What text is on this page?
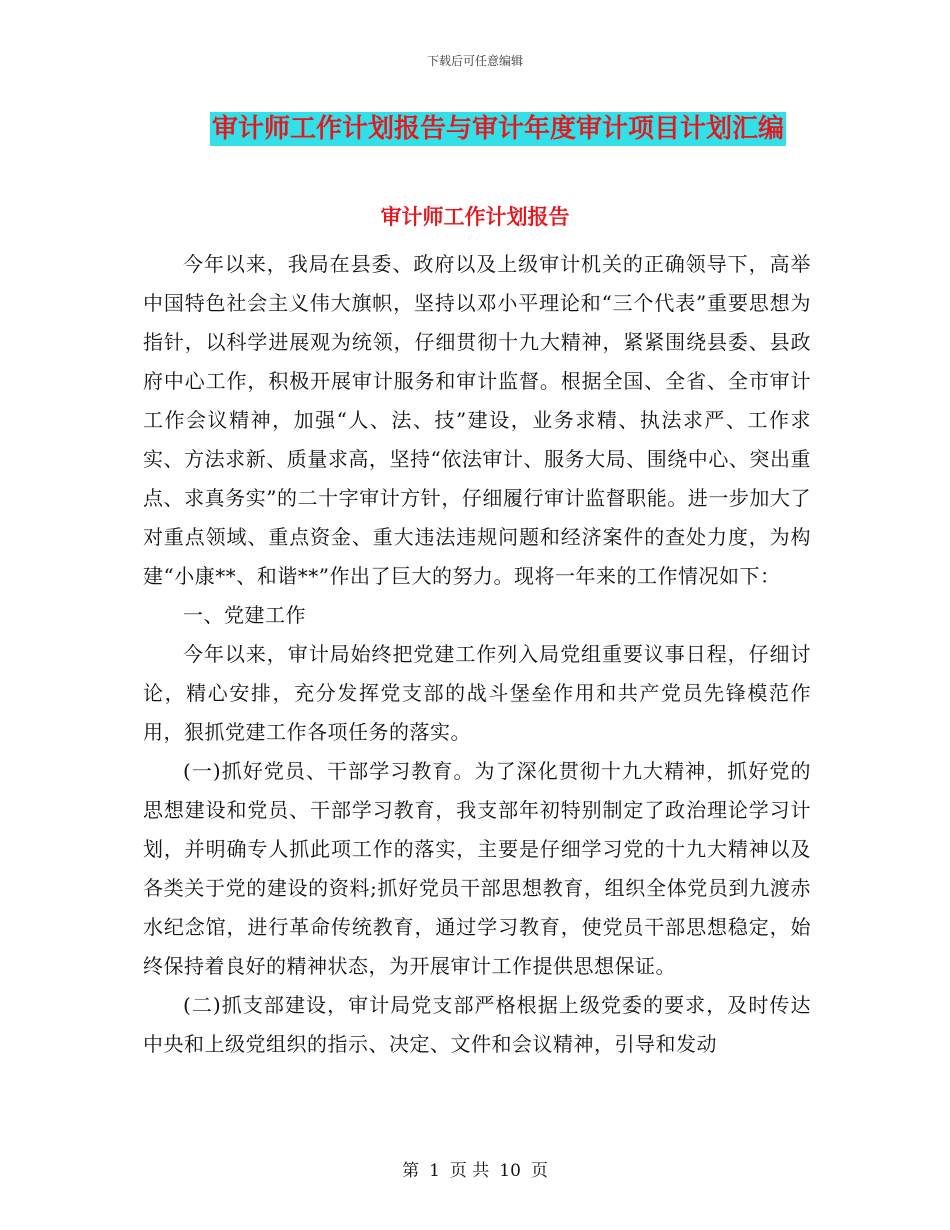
下载后可任意编辑
审计师工作计划报告与审计年度审计项目计划汇编
审计师工作计划报告

今年以来，我局在县委、政府以及上级审计机关的正确领导下，高举中国特色社会主义伟大旗帜，坚持以邓小平理论和“三个代表”重要思想为指针，以科学进展观为统领，仔细贯彻十九大精神，紧紧围绕县委、县政府中心工作，积极开展审计服务和审计监督。根据全国、全省、全市审计工作会议精神，加强“人、法、技”建设，业务求精、执法求严、工作求实、方法求新、质量求高，坚持“依法审计、服务大局、围绕中心、突出重点、求真务实”的二十字审计方针，仔细履行审计监督职能。进一步加大了对重点领域、重点资金、重大违法违规问题和经济案件的查处力度，为构建“小康**、和谐**”作出了巨大的努力。现将一年来的工作情况如下：

一、党建工作

今年以来，审计局始终把党建工作列入局党组重要议事日程，仔细讨论，精心安排，充分发挥党支部的战斗堡垒作用和共产党员先锋模范作用，狠抓党建工作各项任务的落实。

(一)抓好党员、干部学习教育。为了深化贯彻十九大精神，抓好党的思想建设和党员、干部学习教育，我支部年初特别制定了政治理论学习计划，并明确专人抓此项工作的落实，主要是仔细学习党的十九大精神以及各类关于党的建设的资料;抓好党员干部思想教育，组织全体党员到九渡赤水纪念馆，进行革命传统教育，通过学习教育，使党员干部思想稳定，始终保持着良好的精神状态，为开展审计工作提供思想保证。

(二)抓支部建设，审计局党支部严格根据上级党委的要求，及时传达中央和上级党组织的指示、决定、文件和会议精神，引导和发动

第 1 页 共 10 页
